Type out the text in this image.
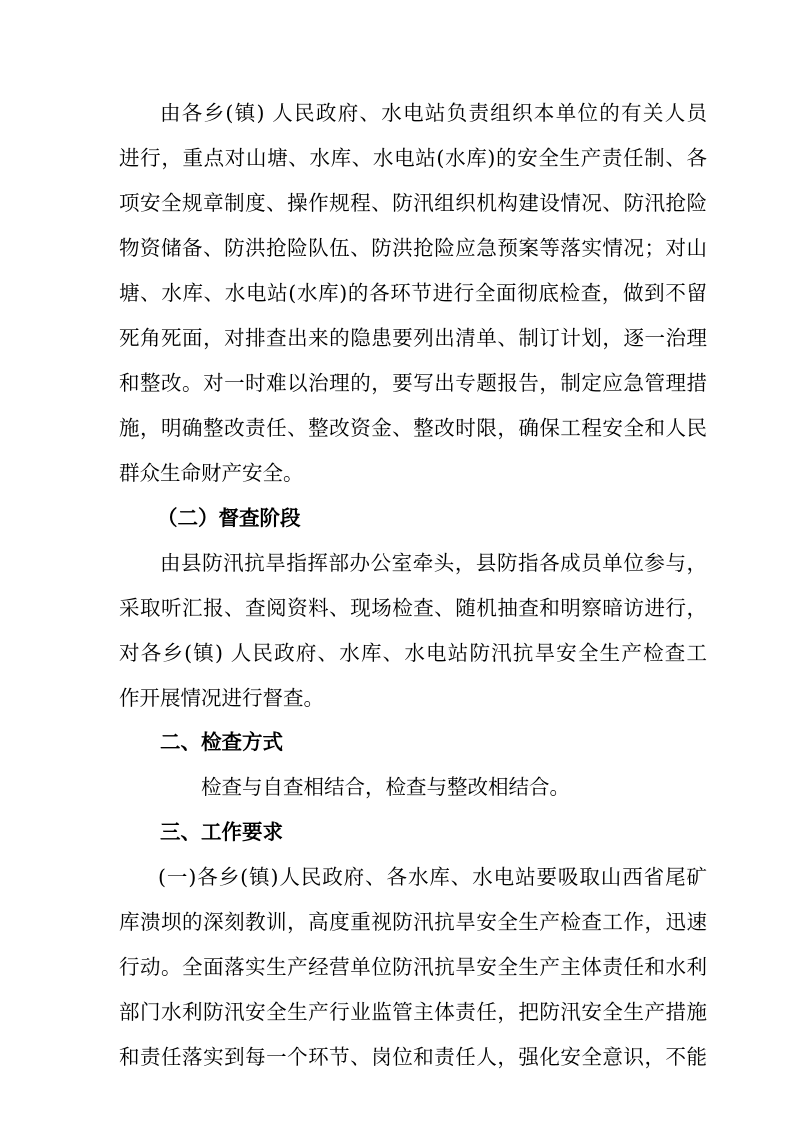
由各乡(镇) 人民政府、水电站负责组织本单位的有关人员
进行，重点对山塘、水库、水电站(水库)的安全生产责任制、各
项安全规章制度、操作规程、防汛组织机构建设情况、防汛抢险
物资储备、防洪抢险队伍、防洪抢险应急预案等落实情况；对山
塘、水库、水电站(水库)的各环节进行全面彻底检查，做到不留
死角死面，对排查出来的隐患要列出清单、制订计划，逐一治理
和整改。对一时难以治理的，要写出专题报告，制定应急管理措
施，明确整改责任、整改资金、整改时限，确保工程安全和人民
群众生命财产安全。
（二）督查阶段
由县防汛抗旱指挥部办公室牵头，县防指各成员单位参与，
采取听汇报、查阅资料、现场检查、随机抽查和明察暗访进行，
对各乡(镇) 人民政府、水库、水电站防汛抗旱安全生产检查工
作开展情况进行督查。
二、检查方式
检查与自查相结合，检查与整改相结合。
三、工作要求
(一)各乡(镇)人民政府、各水库、水电站要吸取山西省尾矿
库溃坝的深刻教训，高度重视防汛抗旱安全生产检查工作，迅速
行动。全面落实生产经营单位防汛抗旱安全生产主体责任和水利
部门水利防汛安全生产行业监管主体责任，把防汛安全生产措施
和责任落实到每一个环节、岗位和责任人，强化安全意识，不能
